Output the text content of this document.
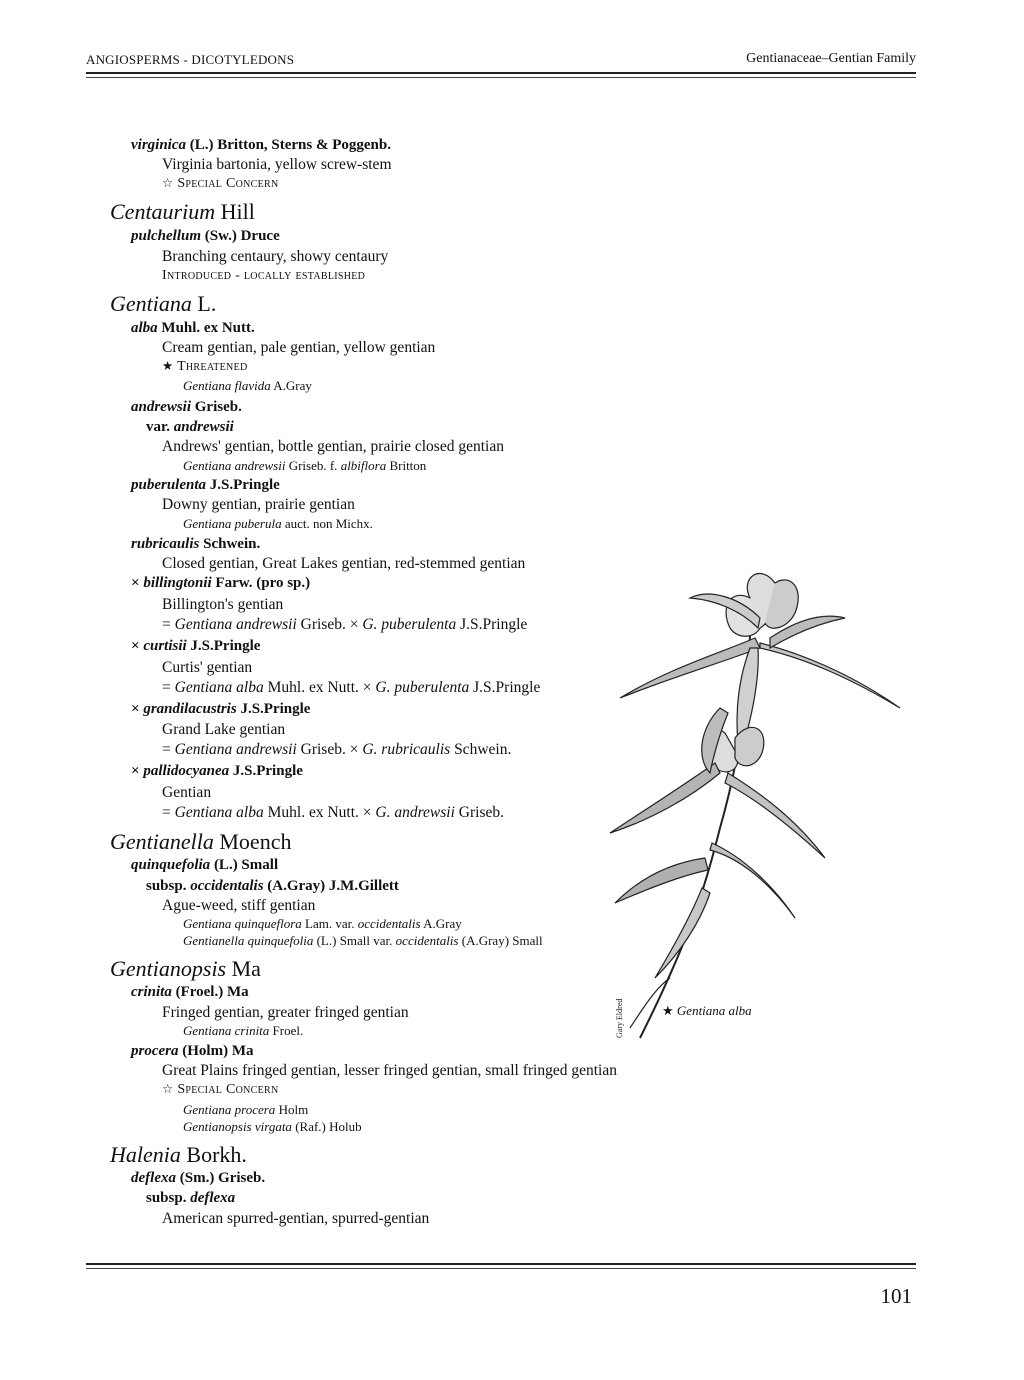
ANGIOSPERMS - DICOTYLEDONS	Gentianaceae–Gentian Family
virginica (L.) Britton, Sterns & Poggenb.
Virginia bartonia, yellow screw-stem
☆ Special Concern
Centaurium Hill
pulchellum (Sw.) Druce
Branching centaury, showy centaury
Introduced - locally established
Gentiana L.
alba Muhl. ex Nutt.
Cream gentian, pale gentian, yellow gentian
★ Threatened
Gentiana flavida A.Gray
andrewsii Griseb.
var. andrewsii
Andrews' gentian, bottle gentian, prairie closed gentian
Gentiana andrewsii Griseb. f. albiflora Britton
puberulenta J.S.Pringle
Downy gentian, prairie gentian
Gentiana puberula auct. non Michx.
rubricaulis Schwein.
Closed gentian, Great Lakes gentian, red-stemmed gentian
× billingtonii Farw. (pro sp.)
Billington's gentian
= Gentiana andrewsii Griseb. × G. puberulenta J.S.Pringle
× curtisii J.S.Pringle
Curtis' gentian
= Gentiana alba Muhl. ex Nutt. × G. puberulenta J.S.Pringle
× grandilacustris J.S.Pringle
Grand Lake gentian
= Gentiana andrewsii Griseb. × G. rubricaulis Schwein.
× pallidocyanea J.S.Pringle
Gentian
= Gentiana alba Muhl. ex Nutt. × G. andrewsii Griseb.
Gentianella Moench
quinquefolia (L.) Small
subsp. occidentalis (A.Gray) J.M.Gillett
Ague-weed, stiff gentian
Gentiana quinqueflora Lam. var. occidentalis A.Gray
Gentianella quinquefolia (L.) Small var. occidentalis (A.Gray) Small
Gentianopsis Ma
crinita (Froel.) Ma
Fringed gentian, greater fringed gentian
Gentiana crinita Froel.
procera (Holm) Ma
Great Plains fringed gentian, lesser fringed gentian, small fringed gentian
☆ Special Concern
Gentiana procera Holm
Gentianopsis virgata (Raf.) Holub
Halenia Borkh.
deflexa (Sm.) Griseb.
subsp. deflexa
American spurred-gentian, spurred-gentian
Gary Eldred	★ Gentiana alba
101
